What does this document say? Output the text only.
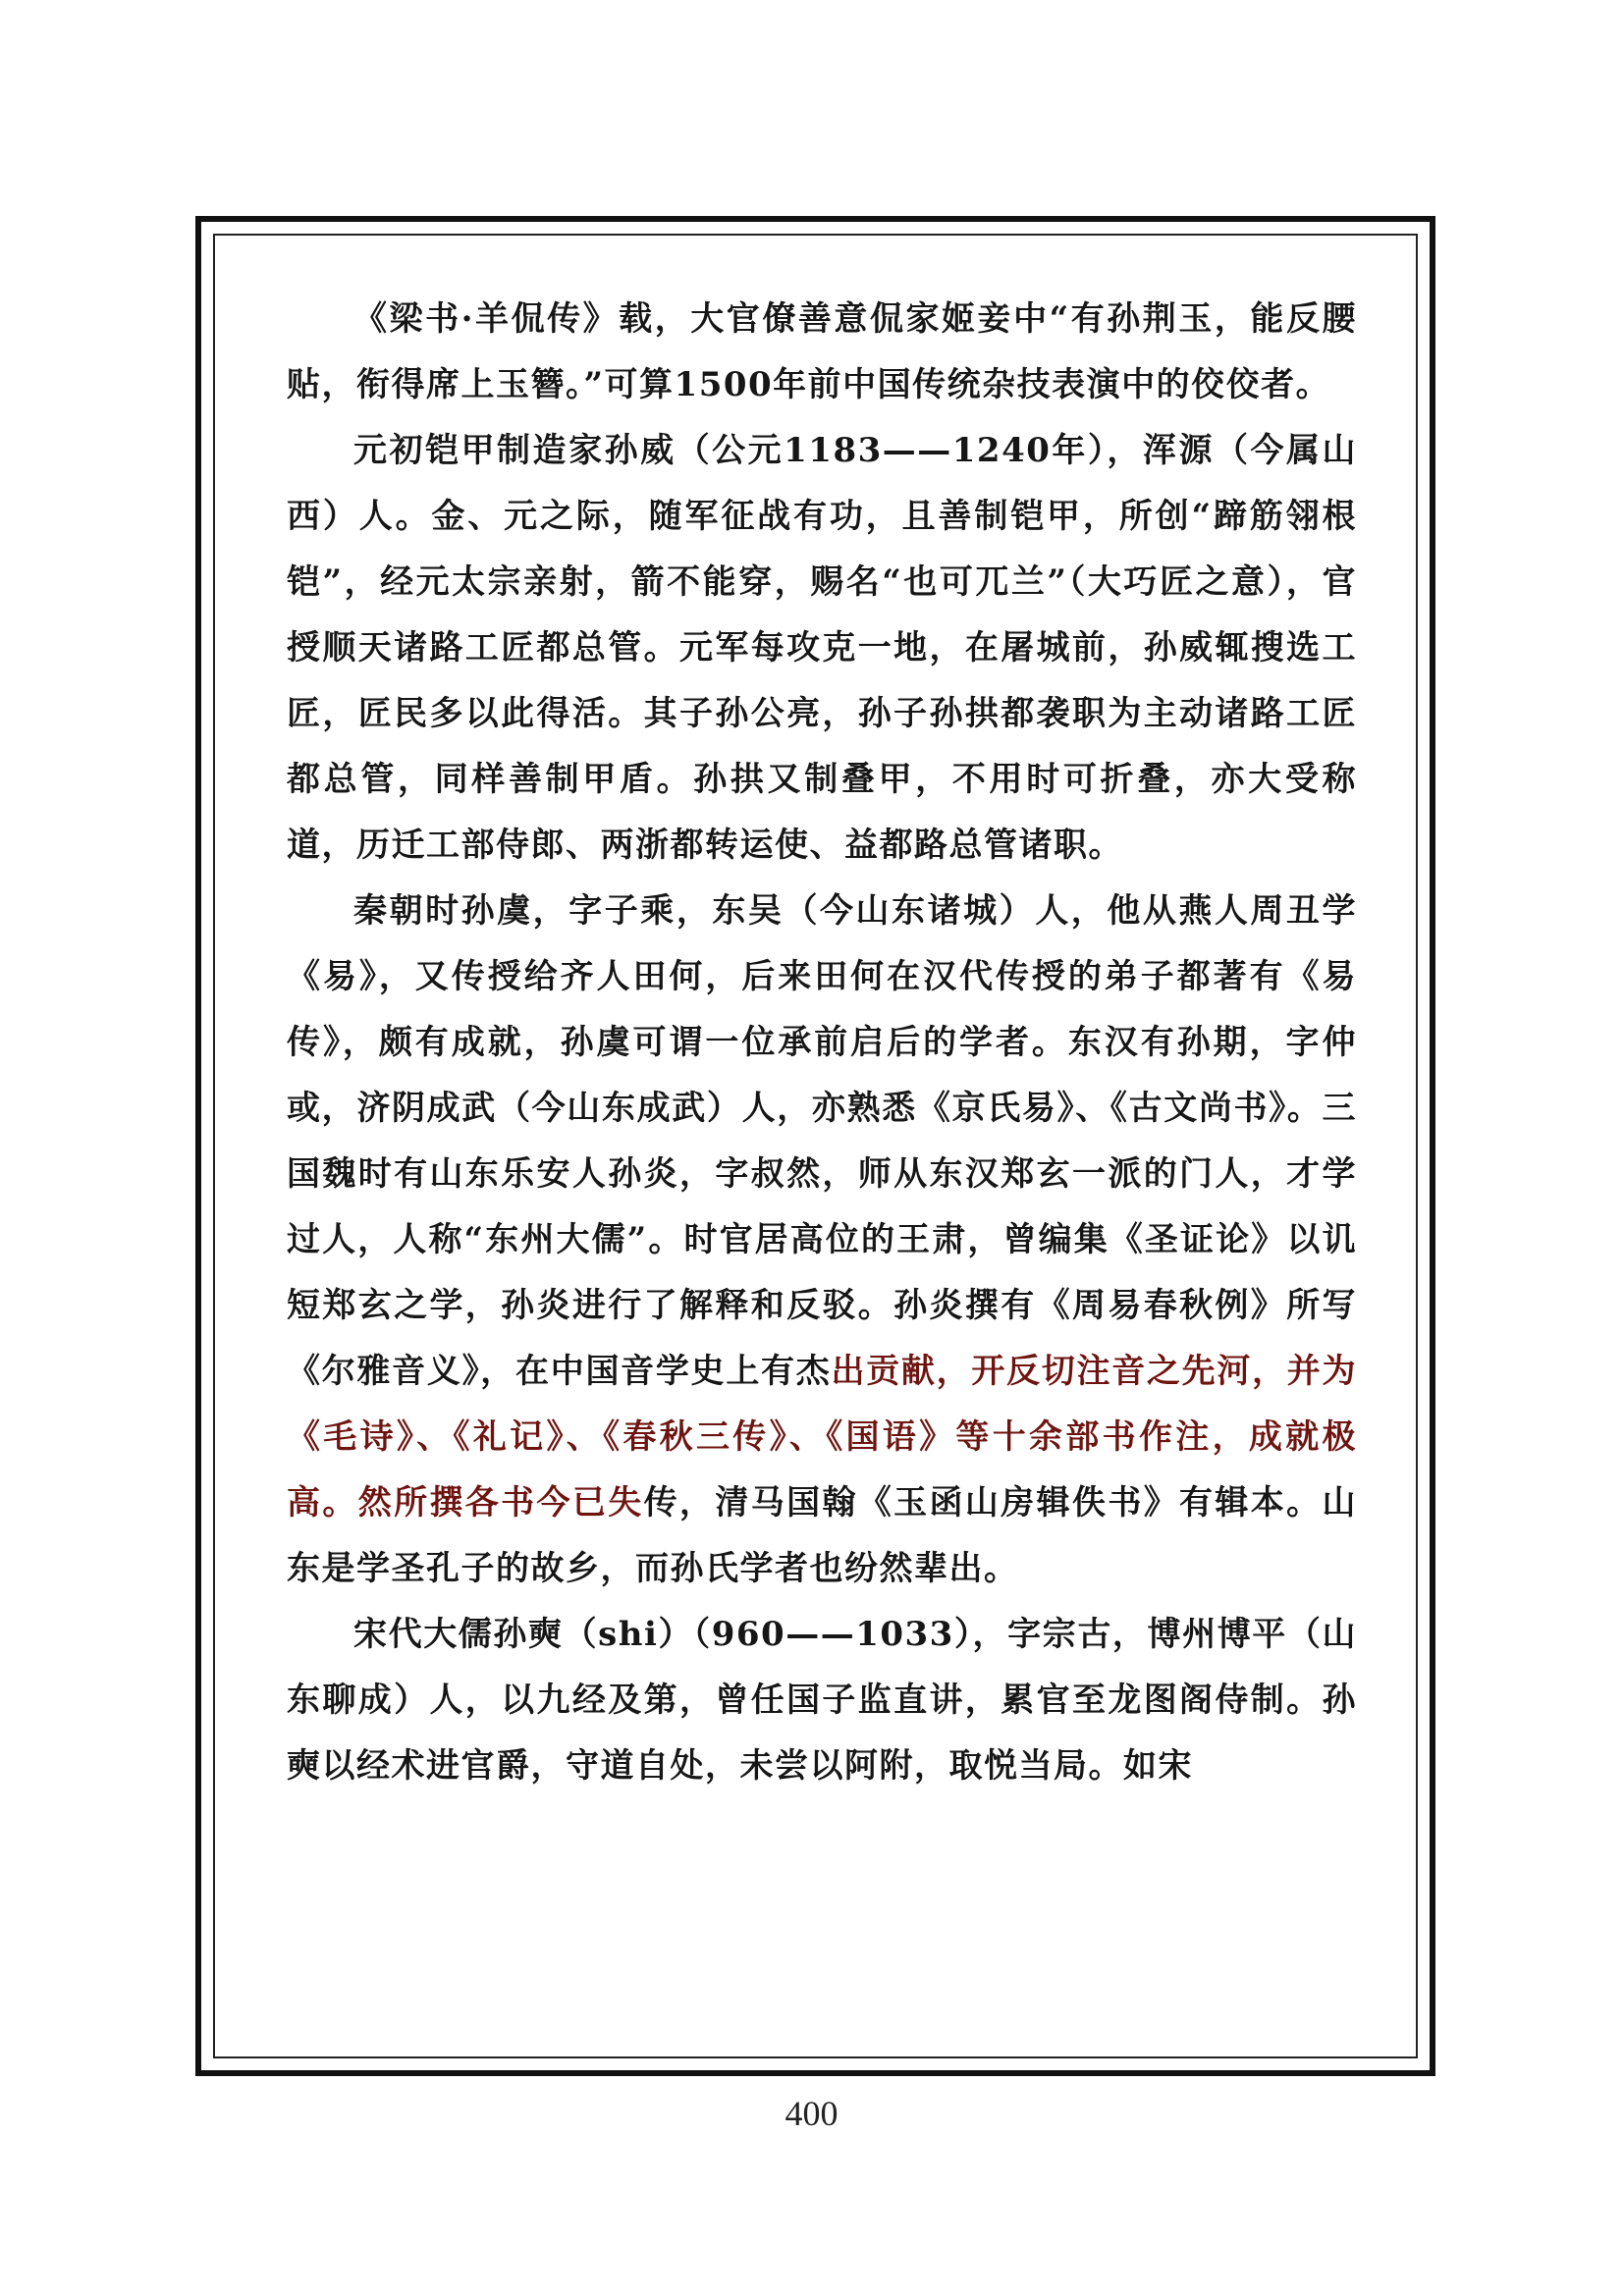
《梁书·羊侃传》载，大官僚善意侃家姬妾中“有孙荆玉，能反腰贴，衔得席上玉簪。”可算1500年前中国传统杂技表演中的佼佼者。

元初铠甲制造家孙威（公元1183——1240年），浑源（今属山西）人。金、元之际，随军征战有功，且善制铠甲，所创“蹄筋翎根铠”，经元太宗亲射，箭不能穿，赐名“也可兀兰”（大巧匠之意），官授顺天诸路工匠都总管。元军每攻克一地，在屠城前，孙威辄搜选工匠，匠民多以此得活。其子孙公亮，孙子孙拱都袭职为主动诸路工匠都总管，同样善制甲盾。孙拱又制叠甲，不用时可折叠，亦大受称道，历迁工部侍郎、两浙都转运使、益都路总管诸职。

秦朝时孙虞，字子乘，东吴（今山东诸城）人，他从燕人周丑学《易》，又传授给齐人田何，后来田何在汉代传授的弟子都著有《易传》，颇有成就，孙虞可谓一位承前启后的学者。东汉有孙期，字仲或，济阴成武（今山东成武）人，亦熟悉《京氏易》、《古文尚书》。三国魏时有山东乐安人孙炎，字叔然，师从东汉郑玄一派的门人，才学过人，人称“东州大儒”。时官居高位的王肃，曾编集《圣证论》以讥短郑玄之学，孙炎进行了解释和反驳。孙炎撰有《周易春秋例》所写《尔雅音义》，在中国音学史上有杰出贡献，开反切注音之先河，并为《毛诗》、《礼记》、《春秋三传》、《国语》等十余部书作注，成就极高。然所撰各书今已失传，清马国翰《玉函山房辑佚书》有辑本。山东是学圣孔子的故乡，而孙氏学者也纷然辈出。

宋代大儒孙奭（shi）（960——1033），字宗古，博州博平（山东聊成）人，以九经及第，曾任国子监直讲，累官至龙图阁侍制。孙奭以经术进官爵，守道自处，未尝以阿附，取悦当局。如宋

400
